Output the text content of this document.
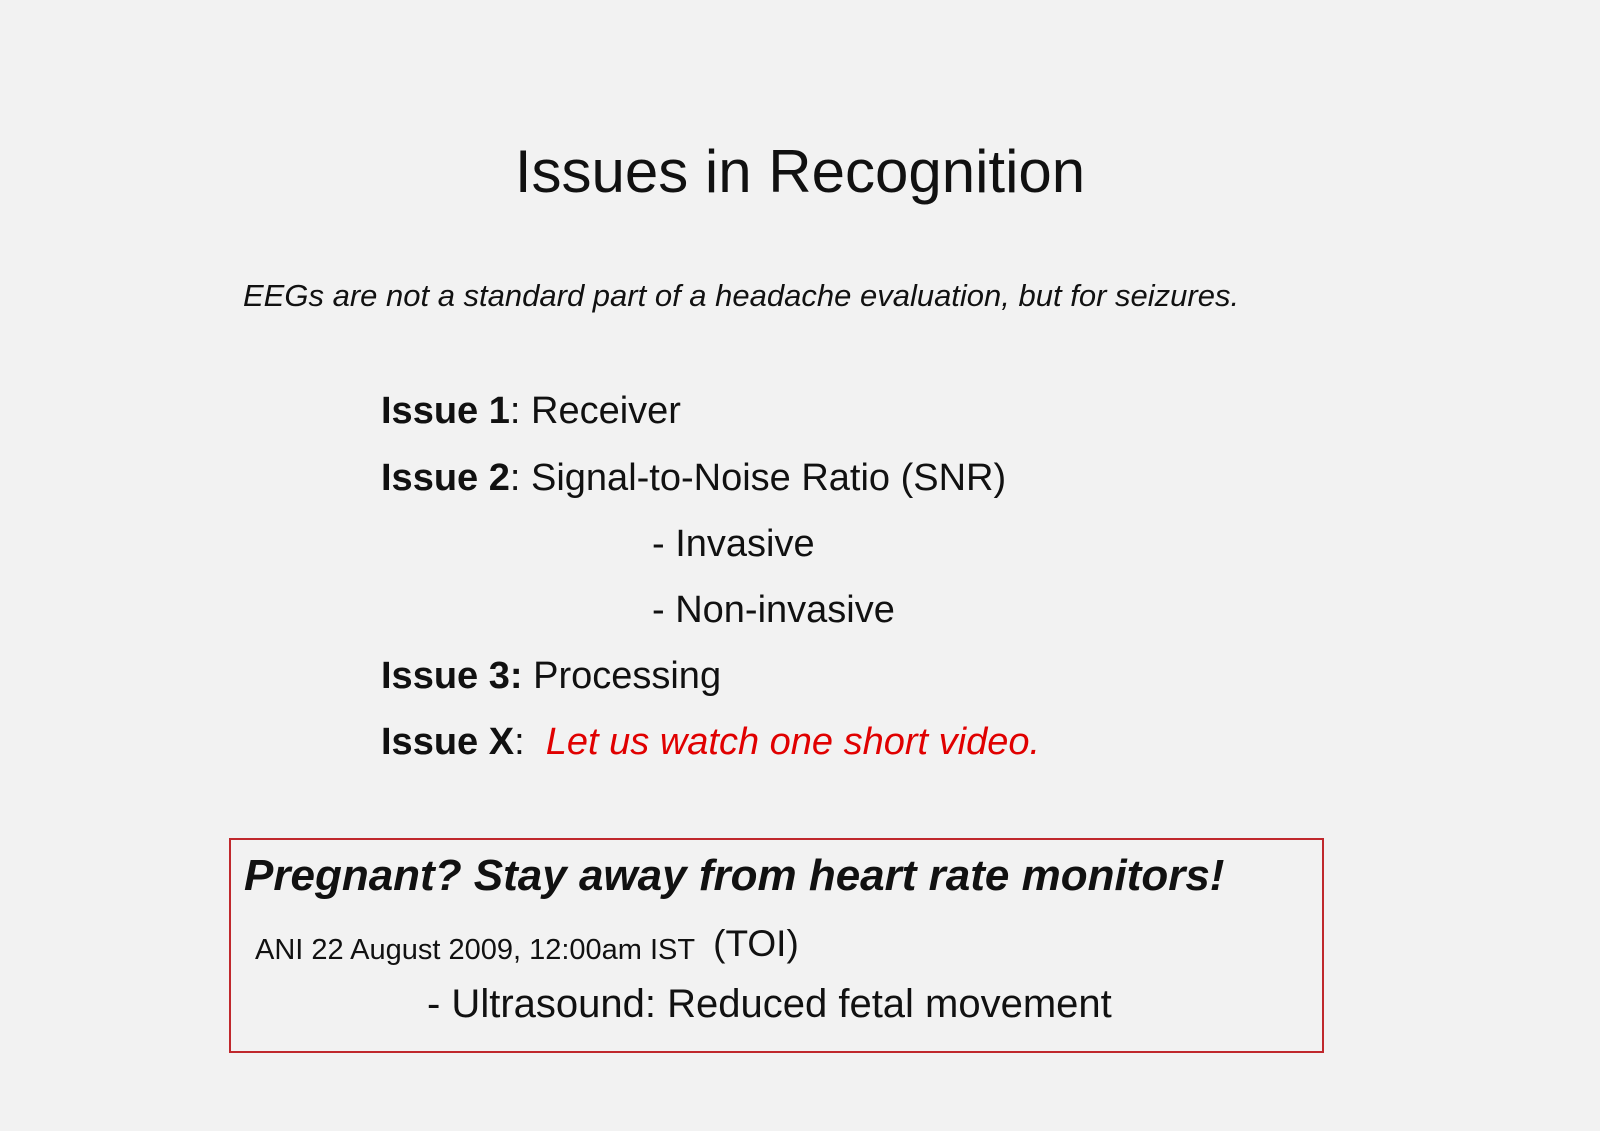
Issues in Recognition
EEGs are not a standard part of a headache evaluation, but for seizures.
Issue 1: Receiver
Issue 2: Signal-to-Noise Ratio (SNR)
- Invasive
- Non-invasive
Issue 3: Processing
Issue X:  Let us watch one short video.
Pregnant? Stay away from heart rate monitors!
ANI 22 August 2009, 12:00am IST (TOI)
- Ultrasound: Reduced fetal movement
